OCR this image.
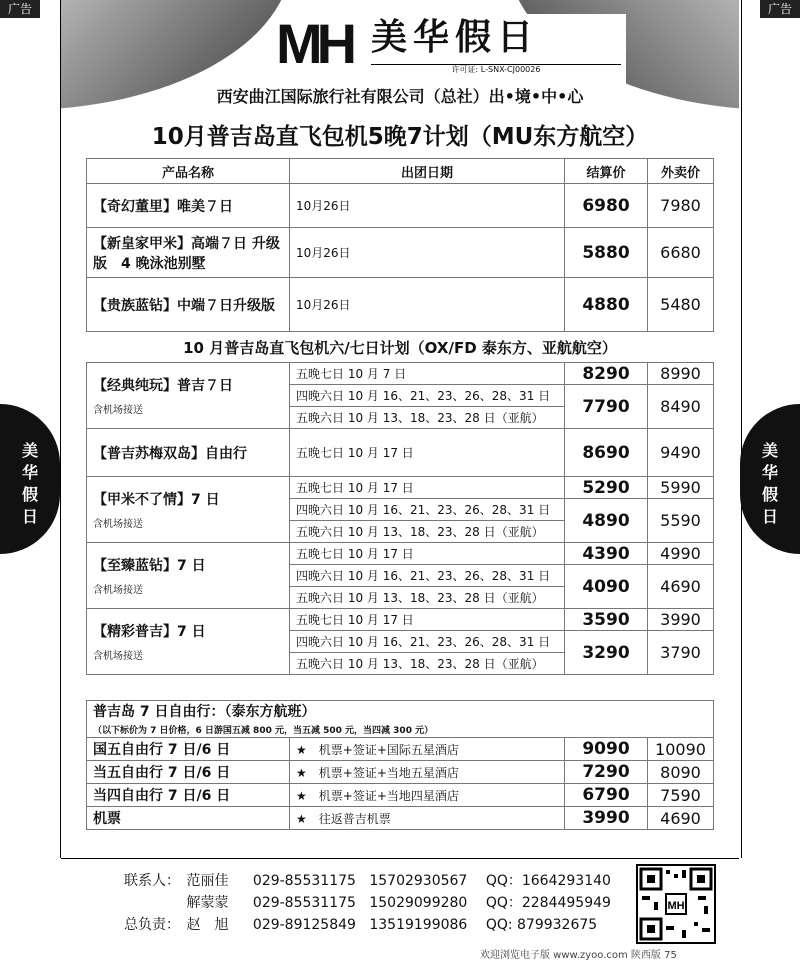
广告	广告
MH 美华假日
许可证: L-SNX-CJ00026
西安曲江国际旅行社有限公司（总社）出•境•中•心
10月普吉岛直飞包机5晚7计划（MU东方航空）
产品名称	出团日期	结算价	外卖价
【奇幻董里】唯美７日	10月26日	6980	7980
【新皇家甲米】高端７日 升级版　4 晚泳池别墅	10月26日	5880	6680
【贵族蓝钻】中端７日升级版	10月26日	4880	5480
10 月普吉岛直飞包机六/七日计划（OX/FD 泰东方、亚航航空）
【经典纯玩】普吉７日
含机场接送	五晚七日 10 月 7 日	8290	8990
	四晚六日 10 月 16、21、23、26、28、31 日	7790	8490
	五晚六日 10 月 13、18、23、28 日（亚航）		
【普吉苏梅双岛】自由行	五晚七日 10 月 17 日	8690	9490
【甲米不了情】7 日
含机场接送	五晚七日 10 月 17 日	5290	5990
	四晚六日 10 月 16、21、23、26、28、31 日	4890	5590
	五晚六日 10 月 13、18、23、28 日（亚航）		
【至臻蓝钻】7 日
含机场接送	五晚七日 10 月 17 日	4390	4990
	四晚六日 10 月 16、21、23、26、28、31 日	4090	4690
	五晚六日 10 月 13、18、23、28 日（亚航）		
【精彩普吉】7 日
含机场接送	五晚七日 10 月 17 日	3590	3990
	四晚六日 10 月 16、21、23、26、28、31 日	3290	3790
	五晚六日 10 月 13、18、23、28 日（亚航）		
普吉岛 7 日自由行：（泰东方航班）			
（以下标价为 7 日价格，6 日游国五减 800 元，当五减 500 元，当四减 300 元）			
国五自由行 7 日/6 日	★　机票+签证+国际五星酒店	9090	10090
当五自由行 7 日/6 日	★　机票+签证+当地五星酒店	7290	8090
当四自由行 7 日/6 日	★　机票+签证+当地四星酒店	6790	7590
机票	★　往返普吉机票	3990	4690
美
华
假
日
美
华
假
日
联系人： 范丽佳 029-85531175 15702930567 QQ：1664293140
解蒙蒙 029-85531175 15029099280 QQ：2284495949
总负责： 赵　旭 029-89125849 13519199086 QQ: 879932675
MH
欢迎浏览电子版 www.zyoo.com 陕西版 75
